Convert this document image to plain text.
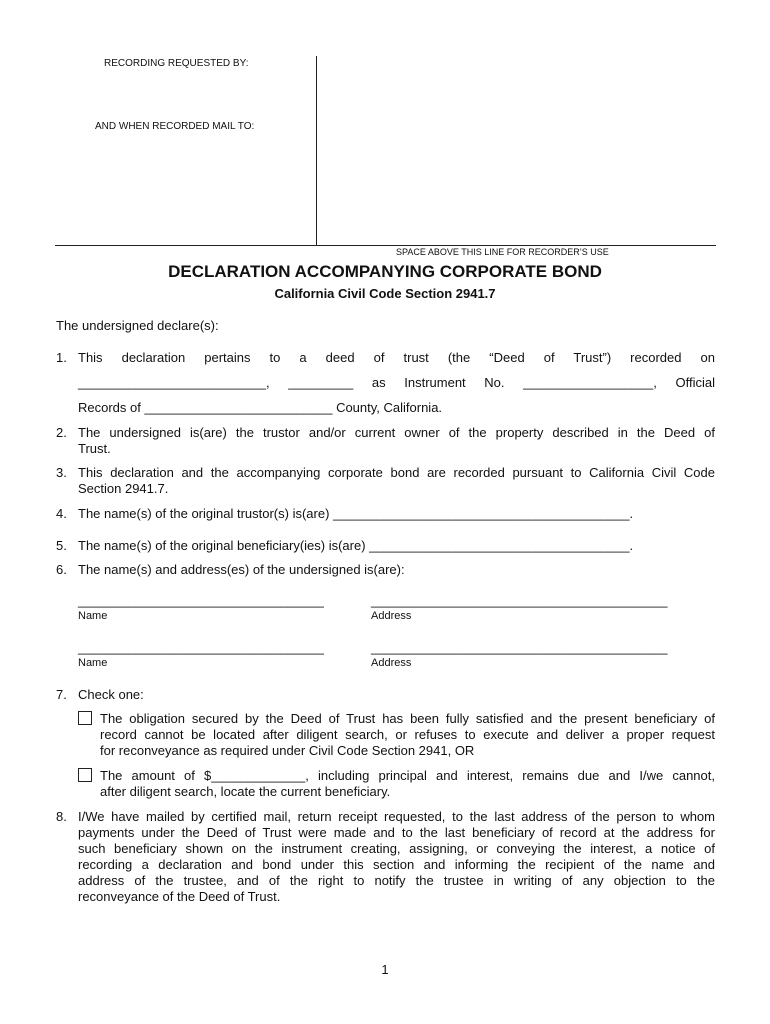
RECORDING REQUESTED BY:
AND WHEN RECORDED MAIL TO:
SPACE ABOVE THIS LINE FOR RECORDER’S USE
DECLARATION ACCOMPANYING CORPORATE BOND
California Civil Code Section 2941.7
The undersigned declare(s):
1. This declaration pertains to a deed of trust (the “Deed of Trust”) recorded on
__________________________, _________ as Instrument No. __________________, Official
Records of __________________________ County, California.
2. The undersigned is(are) the trustor and/or current owner of the property described in the Deed of
Trust.
3. This declaration and the accompanying corporate bond are recorded pursuant to California Civil Code
Section 2941.7.
4. The name(s) of the original trustor(s) is(are) _________________________________________.
5. The name(s) of the original beneficiary(ies) is(are) ____________________________________.
6. The name(s) and address(es) of the undersigned is(are):
__________________________________	_________________________________________
Name	Address
__________________________________	_________________________________________
Name	Address
7. Check one:
The obligation secured by the Deed of Trust has been fully satisfied and the present beneficiary of
record cannot be located after diligent search, or refuses to execute and deliver a proper request
for reconveyance as required under Civil Code Section 2941, OR
The amount of $_____________, including principal and interest, remains due and I/we cannot,
after diligent search, locate the current beneficiary.
8. I/We have mailed by certified mail, return receipt requested, to the last address of the person to whom
payments under the Deed of Trust were made and to the last beneficiary of record at the address for
such beneficiary shown on the instrument creating, assigning, or conveying the interest, a notice of
recording a declaration and bond under this section and informing the recipient of the name and
address of the trustee, and of the right to notify the trustee in writing of any objection to the
reconveyance of the Deed of Trust.
1
